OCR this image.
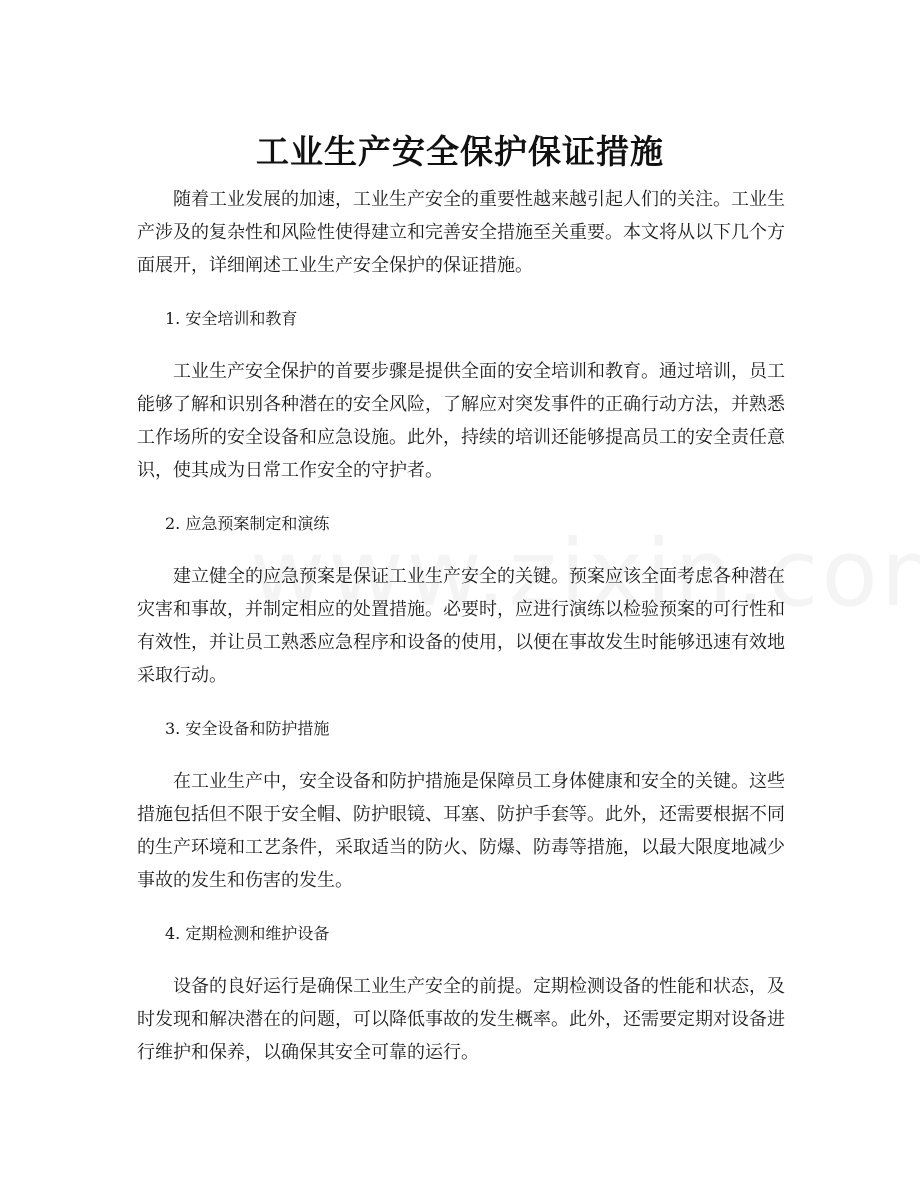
工业生产安全保护保证措施

随着工业发展的加速，工业生产安全的重要性越来越引起人们的关注。工业生产涉及的复杂性和风险性使得建立和完善安全措施至关重要。本文将从以下几个方面展开，详细阐述工业生产安全保护的保证措施。

1. 安全培训和教育

工业生产安全保护的首要步骤是提供全面的安全培训和教育。通过培训，员工能够了解和识别各种潜在的安全风险，了解应对突发事件的正确行动方法，并熟悉工作场所的安全设备和应急设施。此外，持续的培训还能够提高员工的安全责任意识，使其成为日常工作安全的守护者。

2. 应急预案制定和演练

建立健全的应急预案是保证工业生产安全的关键。预案应该全面考虑各种潜在灾害和事故，并制定相应的处置措施。必要时，应进行演练以检验预案的可行性和有效性，并让员工熟悉应急程序和设备的使用，以便在事故发生时能够迅速有效地采取行动。

3. 安全设备和防护措施

在工业生产中，安全设备和防护措施是保障员工身体健康和安全的关键。这些措施包括但不限于安全帽、防护眼镜、耳塞、防护手套等。此外，还需要根据不同的生产环境和工艺条件，采取适当的防火、防爆、防毒等措施，以最大限度地减少事故的发生和伤害的发生。

4. 定期检测和维护设备

设备的良好运行是确保工业生产安全的前提。定期检测设备的性能和状态，及时发现和解决潜在的问题，可以降低事故的发生概率。此外，还需要定期对设备进行维护和保养，以确保其安全可靠的运行。
